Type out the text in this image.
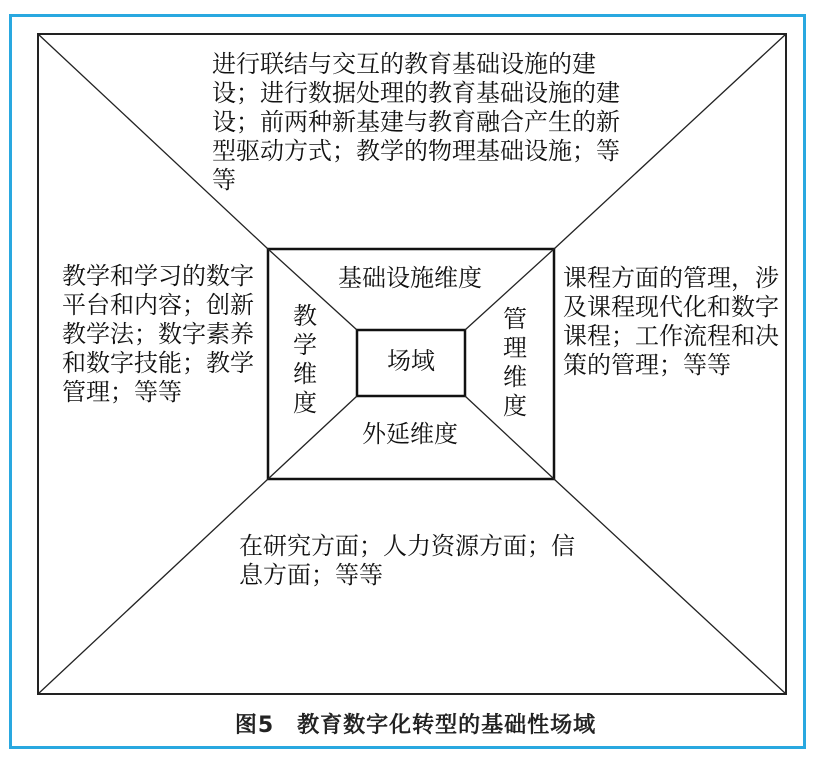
进行联结与交互的教育基础设施的建设；进行数据处理的教育基础设施的建设；前两种新基建与教育融合产生的新型驱动方式；教学的物理基础设施；等等

教学和学习的数字平台和内容；创新教学法；数字素养和数字技能；教学管理；等等

课程方面的管理，涉及课程现代化和数字课程；工作流程和决策的管理；等等

在研究方面；人力资源方面；信息方面；等等

基础设施维度

外延维度

教学维度
管理维度

场域

图5　教育数字化转型的基础性场域
